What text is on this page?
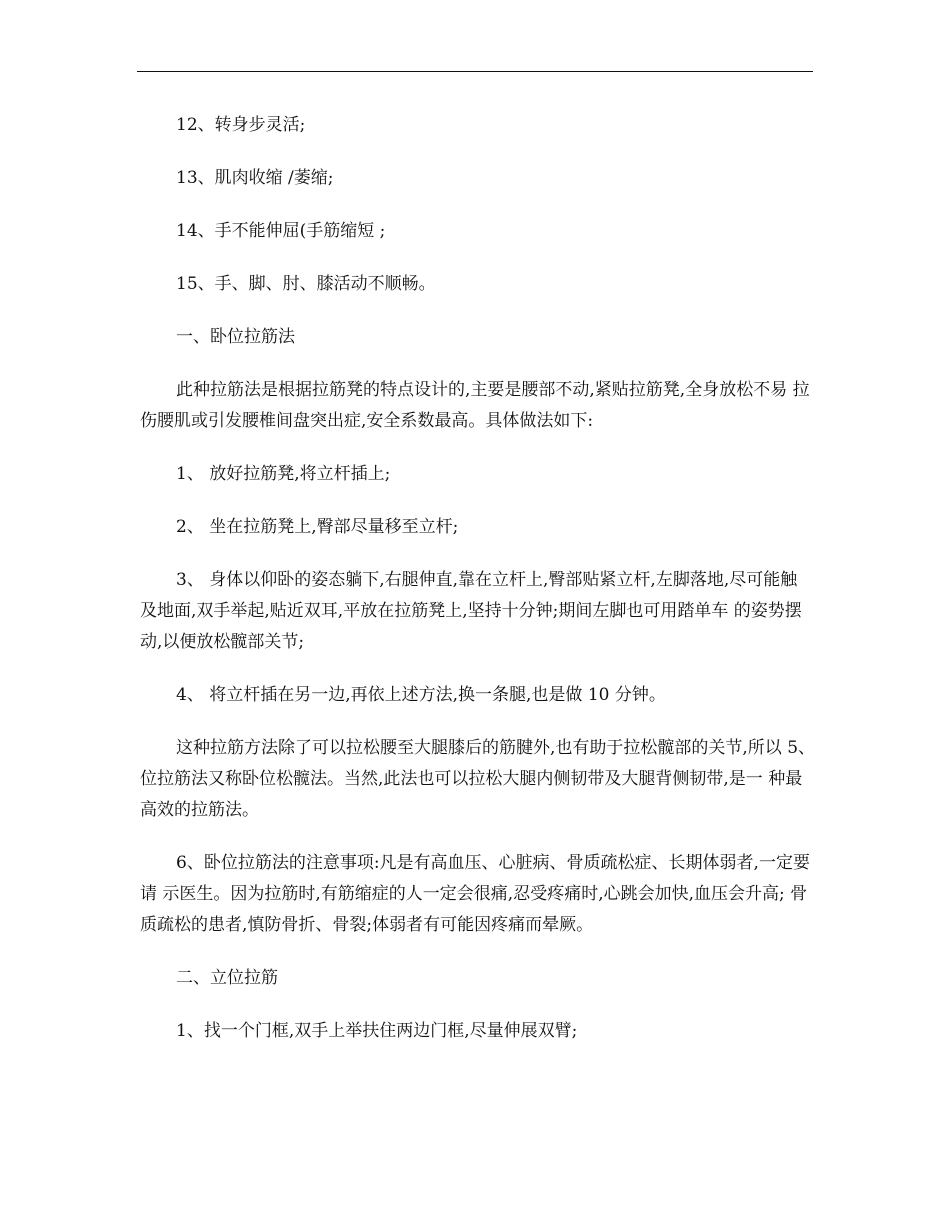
12、转身步灵活;

13、肌肉收缩 /萎缩;

14、手不能伸屈(手筋缩短 ;

15、手、脚、肘、膝活动不顺畅。

一、卧位拉筋法

此种拉筋法是根据拉筋凳的特点设计的,主要是腰部不动,紧贴拉筋凳,全身放松不易 拉伤腰肌或引发腰椎间盘突出症,安全系数最高。具体做法如下:

1、 放好拉筋凳,将立杆插上;

2、 坐在拉筋凳上,臀部尽量移至立杆;

3、 身体以仰卧的姿态躺下,右腿伸直,靠在立杆上,臀部贴紧立杆,左脚落地,尽可能触 及地面,双手举起,贴近双耳,平放在拉筋凳上,坚持十分钟;期间左脚也可用踏单车 的姿势摆动,以便放松髋部关节;

4、 将立杆插在另一边,再依上述方法,换一条腿,也是做 10 分钟。

这种拉筋方法除了可以拉松腰至大腿膝后的筋腱外,也有助于拉松髋部的关节,所以 5、位拉筋法又称卧位松髋法。当然,此法也可以拉松大腿内侧韧带及大腿背侧韧带,是一 种最高效的拉筋法。

6、卧位拉筋法的注意事项:凡是有高血压、心脏病、骨质疏松症、长期体弱者,一定要请 示医生。因为拉筋时,有筋缩症的人一定会很痛,忍受疼痛时,心跳会加快,血压会升高; 骨质疏松的患者,慎防骨折、骨裂;体弱者有可能因疼痛而晕厥。

二、立位拉筋

1、找一个门框,双手上举扶住两边门框,尽量伸展双臂;
